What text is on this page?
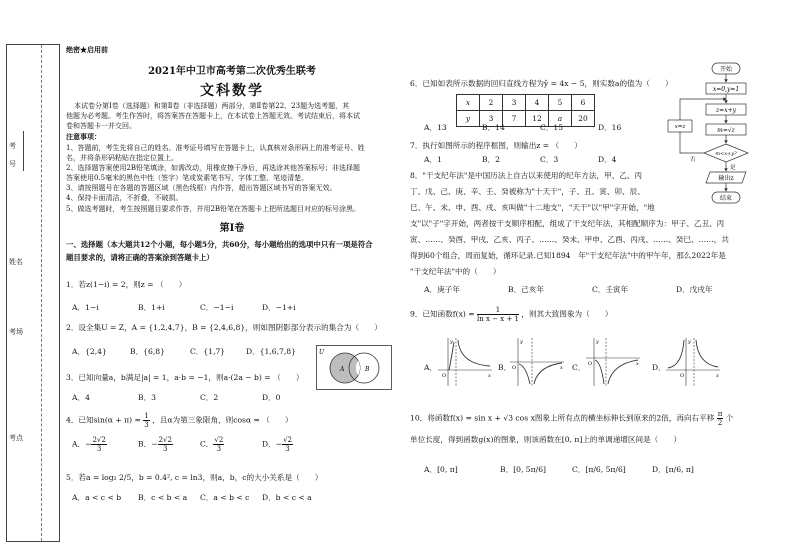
考号
姓名
考场
考点
绝密★启用前
2021年中卫市高考第二次优秀生联考
文科数学
本试卷分第Ⅰ卷（选择题）和第Ⅱ卷（非选择题）两部分，第Ⅱ卷第22、23题为选考题，其
他题为必考题。考生作答时，将答案答在答题卡上，在本试卷上答题无效。考试结束后，将本试
卷和答题卡一并交回。
注意事项：
1、答题前，考生先将自己的姓名、准考证号填写在答题卡上，认真核对条形码上的准考证号、姓
名，并将条形码粘贴在指定位置上。
2、选择题答案使用2B铅笔填涂，如需改动，用橡皮擦干净后，再选涂其他答案标号；非选择题
答案使用0.5毫米的黑色中性（签字）笔或炭素笔书写，字体工整、笔迹清楚。
3、请按照题号在各题的答题区域（黑色线框）内作答，超出答题区域书写的答案无效。
4、保持卡面清洁，不折叠，不破损。
5、做选考题时，考生按照题目要求作答，并用2B铅笔在答题卡上把所选题目对应的标号涂黑。
第Ⅰ卷
一、选择题（本大题共12个小题，每小题5分，共60分，每小题给出的选项中只有一项是符合
题目要求的，请将正确的答案涂到答题卡上）
1．若z(1−i) = 2，则z = （　　）
A．1−i	B．1+i	C．−1−i	D．−1+i
2．设全集U = Z，A = {1,2,4,7}，B = {2,4,6,8}，则如图阴影部分表示的集合为（　　）
A．{2,4}	B．{6,8}	C．{1,7}	D．{1,6,7,8}	U
A	B
3．已知向量a，b满足|a| = 1，a·b = −1，则a·(2a − b) = （　　）
A．4	B．3	C．2	D．0
4．已知$\sin(\alpha + \pi) = \frac{1}{3}$ ，且α为第三象限角，则cosα = （　　）
A．− $\frac{2√2}{3}$	B．− $\frac{2√2}{3}$	C． $\frac{√2}{3}$	D．− $\frac{√2}{3}$
5．若a = log₂ 2/5，b = 0.4², c = ln3，则a，b，c的大小关系是（　　）
A．a < c < b B．c < b < a C．a < b < c D．b < c < a
6．已知如表所示数据的回归直线方程为ŷ = 4x − 5，则实数a的值为（　　）
x	2	3	4	5	6
y	3	7	12	a	20
A．13	B．14	C．15	D．16
7．执行如图所示的程序框图，则输出z = （　　）
A．1	B．2	C．3	D．4
开始
x=0,y=1
z=x+y
m=√z
m<x+y?
x=z
否
是
输出z
结束
8．"干支纪年法"是中国历法上自古以来使用的纪年方法，甲、乙、丙
丁、戊、己、庚、辛、壬、癸被称为"十天干"，子、丑、寅、卯、辰、
巳、午、未、申、酉、戌、亥叫做"十二地支"，"天干"以"甲"字开始，"地
支"以"子"字开始，两者按干支顺序相配，组成了干支纪年法，其相配顺序为：甲子、乙丑、丙
寅、……、癸酉、甲戌、乙亥、丙子、……、癸未、甲申、乙酉、丙戌、……、癸巳、……，共
得到60个组合，周而复始，循环记录.已知1894　年"干支纪年法"中的甲午年，那么2022年是
"干支纪年法"中的（　　）
A．庚子年	B．己亥年	C．壬寅年	D．戊戌年
9．已知函数$f(x) = \frac{1}{\text{ln x − x + 1}}$ ，则其大致图象为（　　）
A．
O	x
y
B． O	x
y
C． O	x
y
D．
O	x
y
10．将函数f(x) = sin x + √3 cos x图象上所有点的横坐标伸长到原来的2倍，再向右平移 $\frac{\pi}{2}$ 个
单位长度，得到函数g(x)的图象，则该函数在[0, π]上的单调递增区间是（　　）
A．[0, π]	B．[0, 5π/6]	C．[π/6, 5π/6]	D．[π/6, π]
